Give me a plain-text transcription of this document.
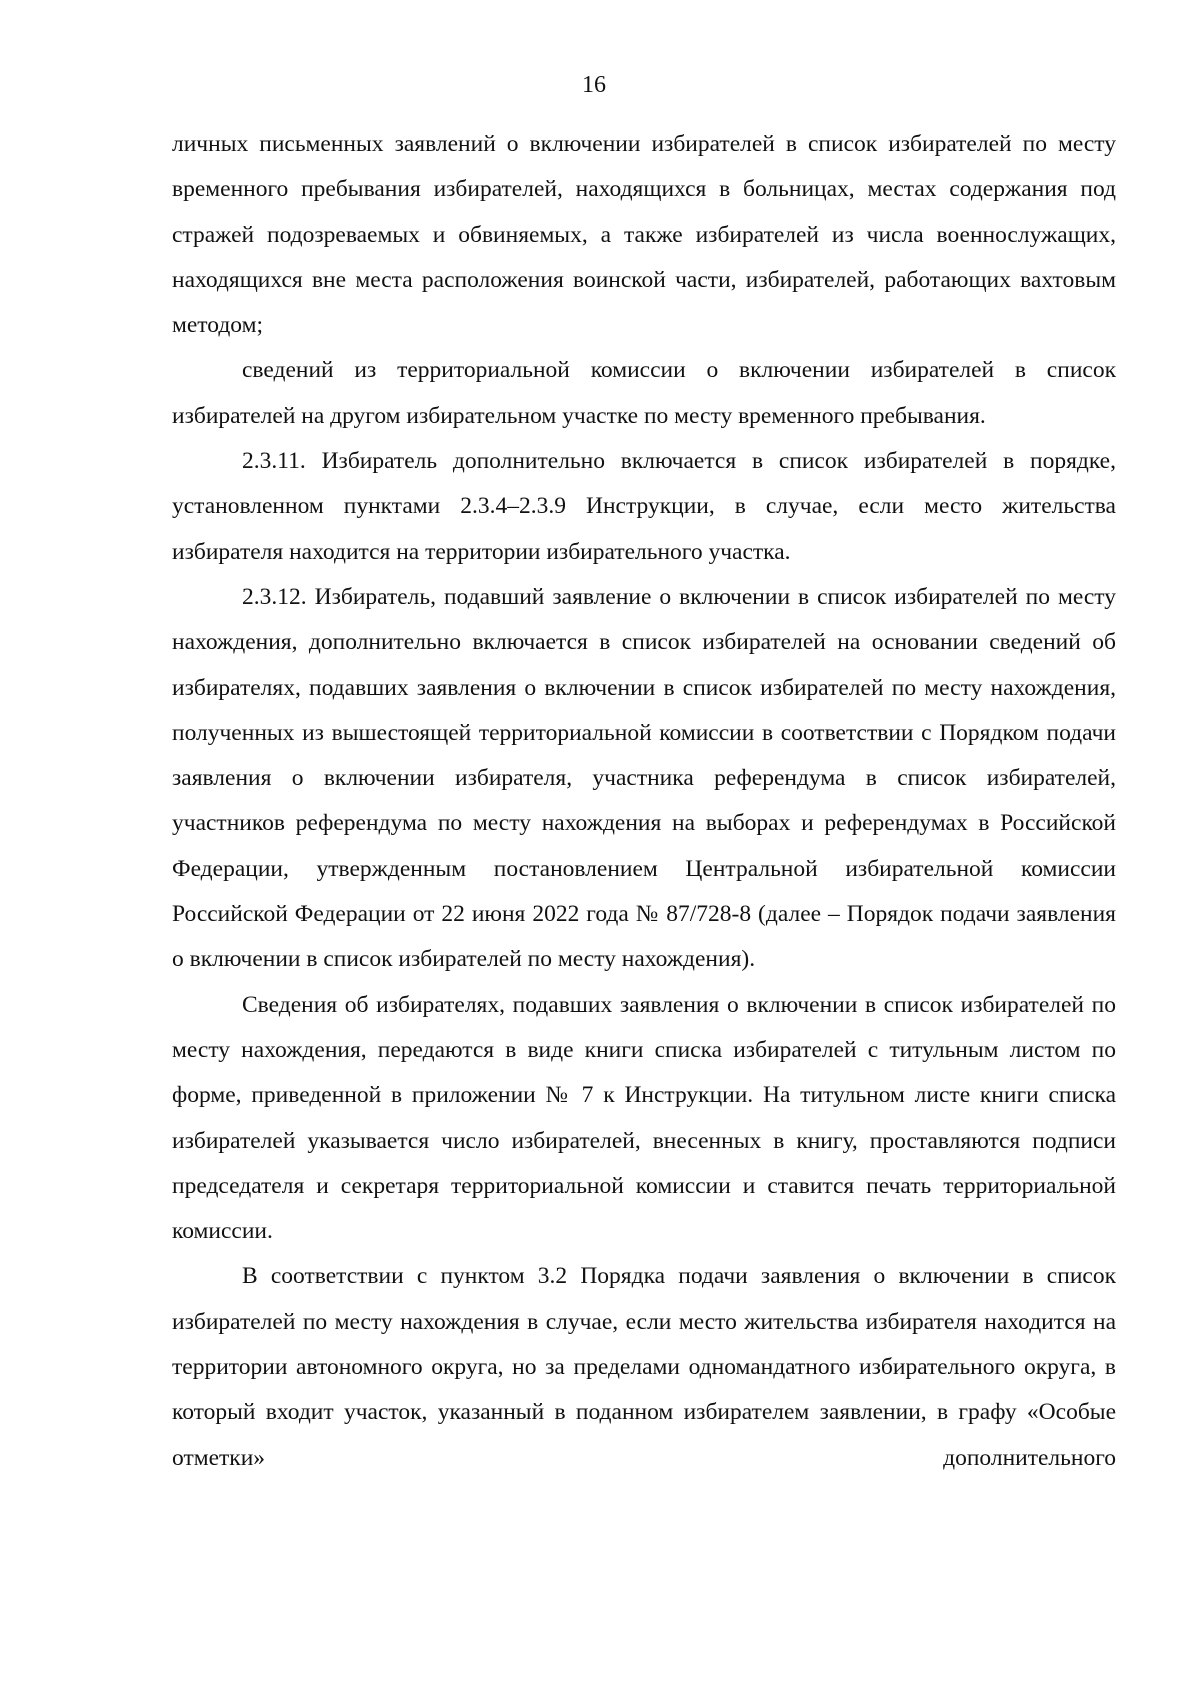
16

личных письменных заявлений о включении избирателей в список избирателей по месту временного пребывания избирателей, находящихся в больницах, местах содержания под стражей подозреваемых и обвиняемых, а также избирателей из числа военнослужащих, находящихся вне места расположения воинской части, избирателей, работающих вахтовым методом;

сведений из территориальной комиссии о включении избирателей в список избирателей на другом избирательном участке по месту временного пребывания.

2.3.11. Избиратель дополнительно включается в список избирателей в порядке, установленном пунктами 2.3.4–2.3.9 Инструкции, в случае, если место жительства избирателя находится на территории избирательного участка.

2.3.12. Избиратель, подавший заявление о включении в список избирателей по месту нахождения, дополнительно включается в список избирателей на основании сведений об избирателях, подавших заявления о включении в список избирателей по месту нахождения, полученных из вышестоящей территориальной комиссии в соответствии с Порядком подачи заявления о включении избирателя, участника референдума в список избирателей, участников референдума по месту нахождения на выборах и референдумах в Российской Федерации, утвержденным постановлением Центральной избирательной комиссии Российской Федерации от 22 июня 2022 года № 87/728-8 (далее – Порядок подачи заявления о включении в список избирателей по месту нахождения).

Сведения об избирателях, подавших заявления о включении в список избирателей по месту нахождения, передаются в виде книги списка избирателей с титульным листом по форме, приведенной в приложении № 7 к Инструкции. На титульном листе книги списка избирателей указывается число избирателей, внесенных в книгу, проставляются подписи председателя и секретаря территориальной комиссии и ставится печать территориальной комиссии.

В соответствии с пунктом 3.2 Порядка подачи заявления о включении в список избирателей по месту нахождения в случае, если место жительства избирателя находится на территории автономного округа, но за пределами одномандатного избирательного округа, в который входит участок, указанный в поданном избирателем заявлении, в графу «Особые отметки» дополнительного
